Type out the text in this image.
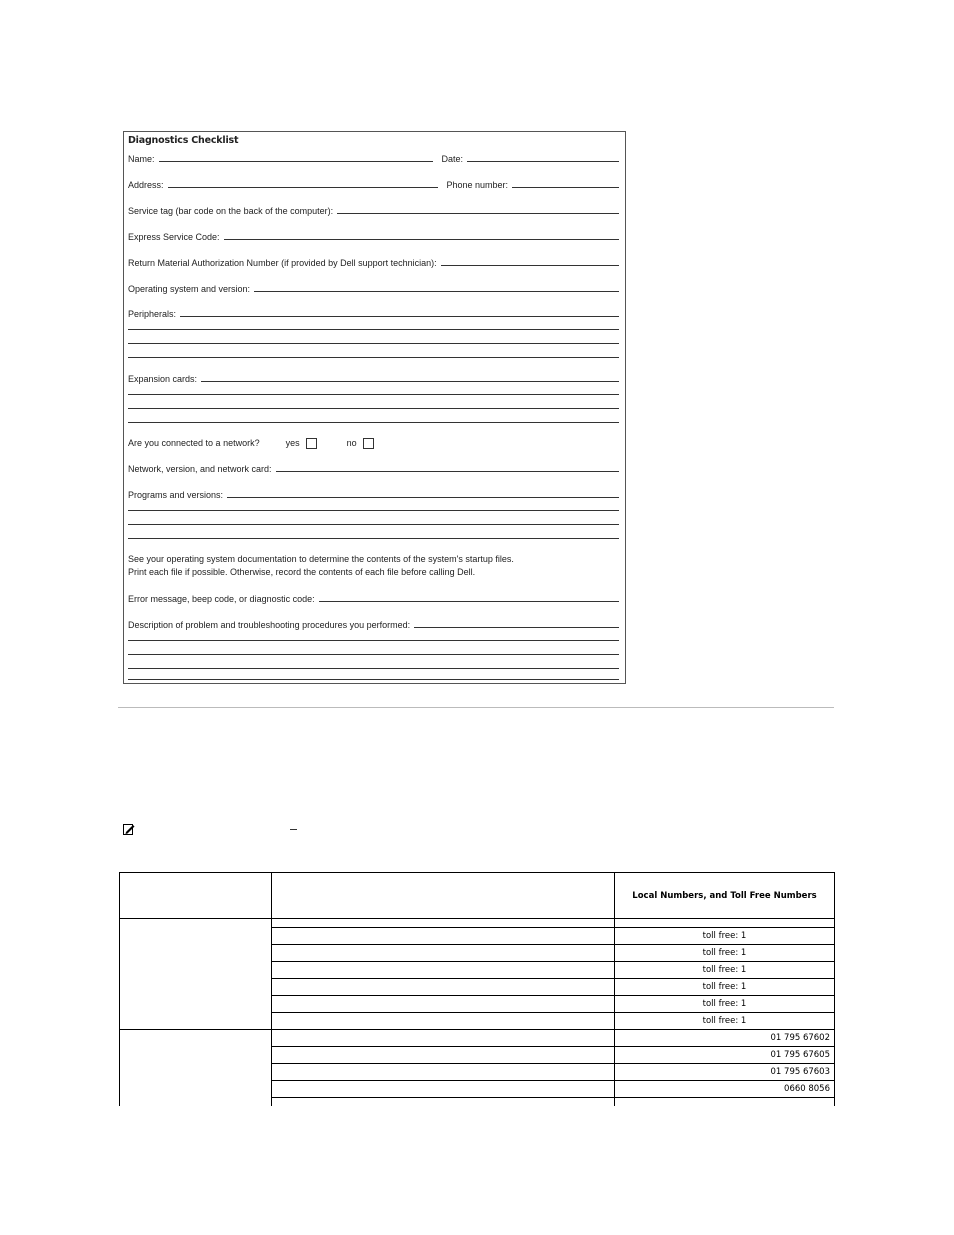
Diagnostics Checklist
Name:	Date:
Address:	Phone number:
Service tag (bar code on the back of the computer):
Express Service Code:
Return Material Authorization Number (if provided by Dell support technician):
Operating system and version:
Peripherals:
Expansion cards:
Are you connected to a network?	yes	no
Network, version, and network card:
Programs and versions:
See your operating system documentation to determine the contents of the system's startup files.
Print each file if possible. Otherwise, record the contents of each file before calling Dell.
Error message, beep code, or diagnostic code:
Description of problem and troubleshooting procedures you performed:
		Local Numbers, and Toll Free Numbers

		toll free: 1
		toll free: 1
		toll free: 1
		toll free: 1
		toll free: 1
		toll free: 1
		01 795 67602
		01 795 67605
		01 795 67603
		0660 8056
